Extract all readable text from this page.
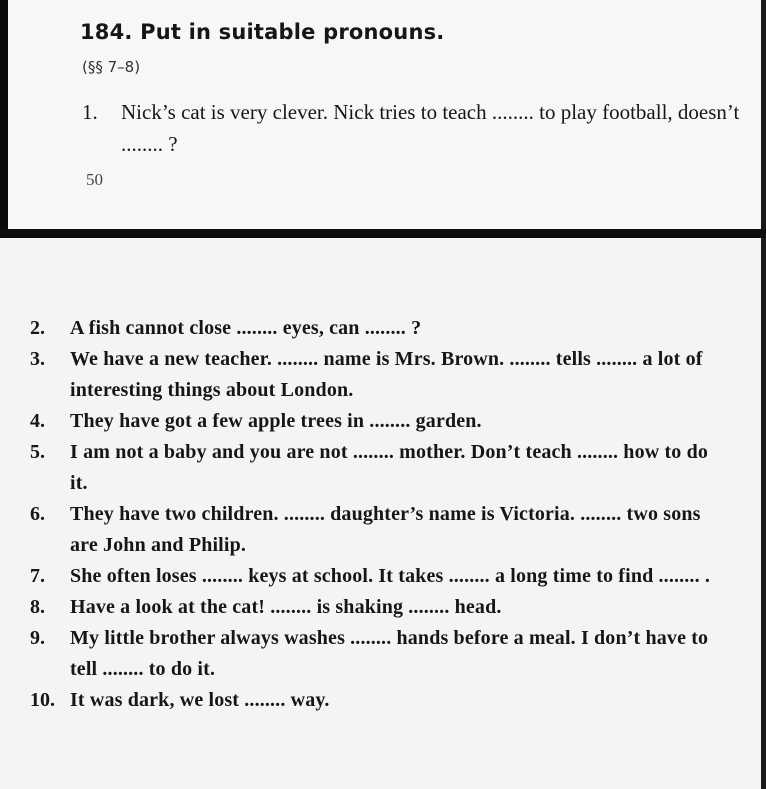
184. Put in suitable pronouns.
(§§ 7–8)
1. Nick’s cat is very clever. Nick tries to teach ........ to play football, doesn’t ........ ?
50
2. A fish cannot close ........ eyes, can ........ ?
3. We have a new teacher. ........ name is Mrs. Brown. ........ tells ........ a lot of interesting things about London.
4. They have got a few apple trees in ........ garden.
5. I am not a baby and you are not ........ mother. Don’t teach ........ how to do it.
6. They have two children. ........ daughter’s name is Victoria. ........ two sons are John and Philip.
7. She often loses ........ keys at school. It takes ........ a long time to find ........ .
8. Have a look at the cat! ........ is shaking ........ head.
9. My little brother always washes ........ hands before a meal. I don’t have to tell ........ to do it.
10. It was dark, we lost ........ way.
